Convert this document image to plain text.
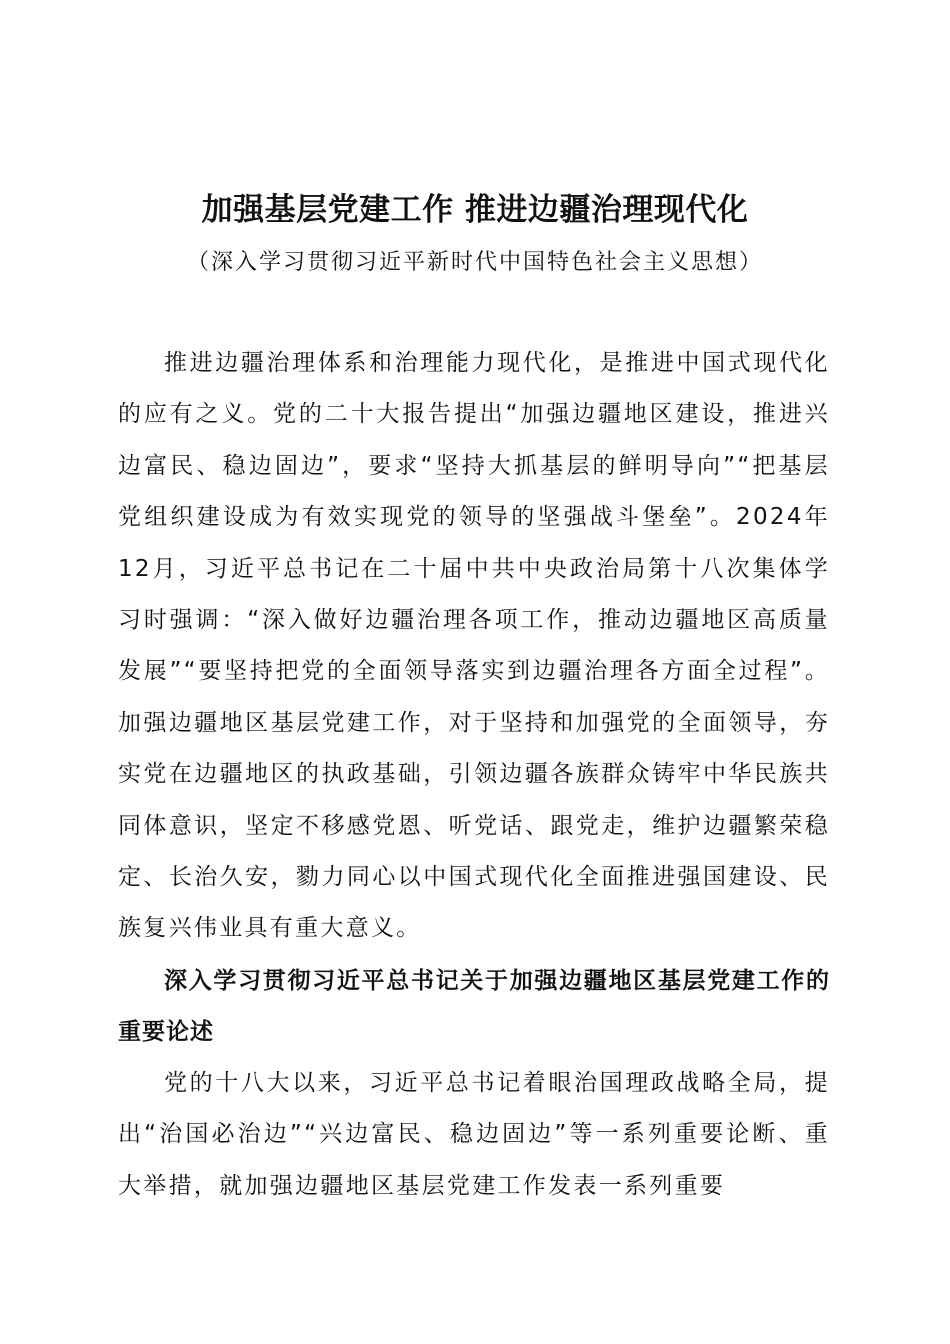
加强基层党建工作 推进边疆治理现代化
（深入学习贯彻习近平新时代中国特色社会主义思想）

推进边疆治理体系和治理能力现代化，是推进中国式现代化的应有之义。党的二十大报告提出“加强边疆地区建设，推进兴边富民、稳边固边”，要求“坚持大抓基层的鲜明导向”“把基层党组织建设成为有效实现党的领导的坚强战斗堡垒”。2024年12月，习近平总书记在二十届中共中央政治局第十八次集体学习时强调：“深入做好边疆治理各项工作，推动边疆地区高质量发展”“要坚持把党的全面领导落实到边疆治理各方面全过程”。加强边疆地区基层党建工作，对于坚持和加强党的全面领导，夯实党在边疆地区的执政基础，引领边疆各族群众铸牢中华民族共同体意识，坚定不移感党恩、听党话、跟党走，维护边疆繁荣稳定、长治久安，勠力同心以中国式现代化全面推进强国建设、民族复兴伟业具有重大意义。

深入学习贯彻习近平总书记关于加强边疆地区基层党建工作的重要论述

党的十八大以来，习近平总书记着眼治国理政战略全局，提出“治国必治边”“兴边富民、稳边固边”等一系列重要论断、重大举措，就加强边疆地区基层党建工作发表一系列重要
